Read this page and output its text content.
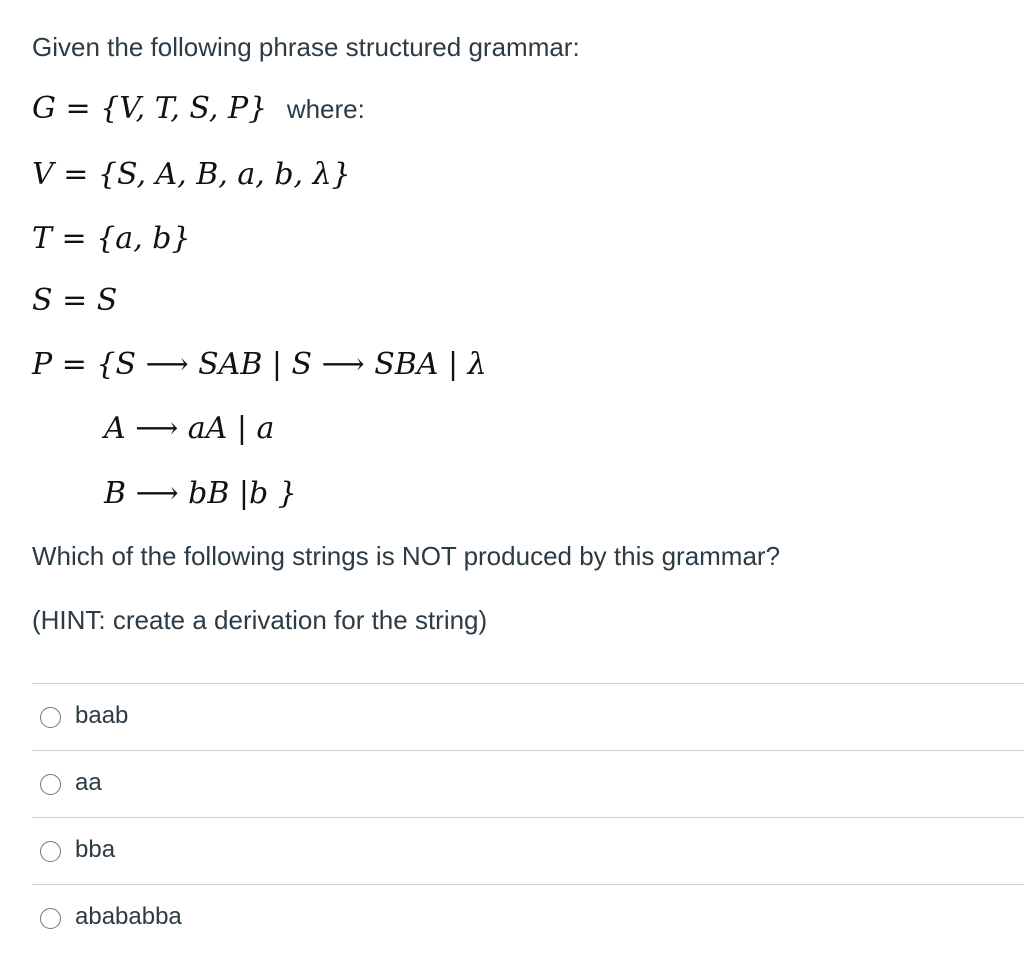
Given the following phrase structured grammar:
G = {V, T, S, P} where:
V = {S, A, B, a, b, λ}
T = {a, b}
S = S
P = {S ⟶ SAB | S ⟶ SBA | λ
A ⟶ aA | a
B ⟶ bB |b }
Which of the following strings is NOT produced by this grammar?
(HINT: create a derivation for the string)
baab
aa
bba
abababba
